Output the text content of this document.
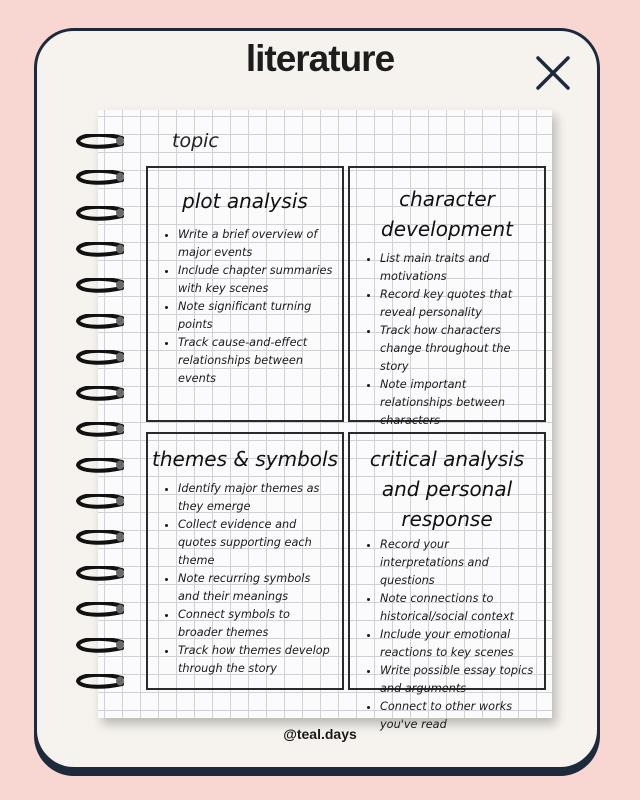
literature
topic
plot analysis
• Write a brief overview of major events
• Include chapter summaries with key scenes
• Note significant turning points
• Track cause-and-effect relationships between events
character development
• List main traits and motivations
• Record key quotes that reveal personality
• Track how characters change throughout the story
• Note important relationships between characters
themes & symbols
• Identify major themes as they emerge
• Collect evidence and quotes supporting each theme
• Note recurring symbols and their meanings
• Connect symbols to broader themes
• Track how themes develop through the story
critical analysis and personal response
• Record your interpretations and questions
• Note connections to historical/social context
• Include your emotional reactions to key scenes
• Write possible essay topics and arguments
• Connect to other works you've read
@teal.days
